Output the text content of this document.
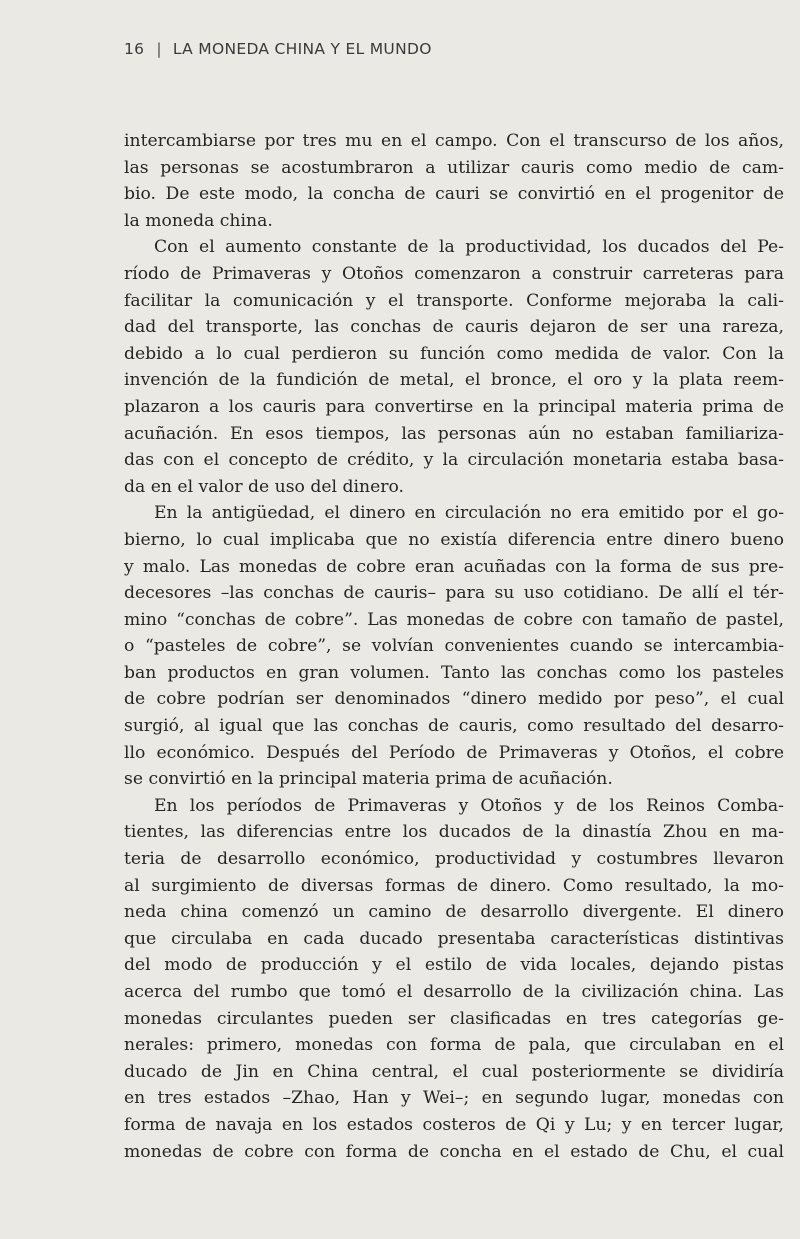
16 | LA MONEDA CHINA Y EL MUNDO
intercambiarse por tres mu en el campo. Con el transcurso de los años,
las personas se acostumbraron a utilizar cauris como medio de cam-
bio. De este modo, la concha de cauri se convirtió en el progenitor de
la moneda china.
Con el aumento constante de la productividad, los ducados del Pe-
ríodo de Primaveras y Otoños comenzaron a construir carreteras para
facilitar la comunicación y el transporte. Conforme mejoraba la cali-
dad del transporte, las conchas de cauris dejaron de ser una rareza,
debido a lo cual perdieron su función como medida de valor. Con la
invención de la fundición de metal, el bronce, el oro y la plata reem-
plazaron a los cauris para convertirse en la principal materia prima de
acuñación. En esos tiempos, las personas aún no estaban familiariza-
das con el concepto de crédito, y la circulación monetaria estaba basa-
da en el valor de uso del dinero.
En la antigüedad, el dinero en circulación no era emitido por el go-
bierno, lo cual implicaba que no existía diferencia entre dinero bueno
y malo. Las monedas de cobre eran acuñadas con la forma de sus pre-
decesores –las conchas de cauris– para su uso cotidiano. De allí el tér-
mino “conchas de cobre”. Las monedas de cobre con tamaño de pastel,
o “pasteles de cobre”, se volvían convenientes cuando se intercambia-
ban productos en gran volumen. Tanto las conchas como los pasteles
de cobre podrían ser denominados “dinero medido por peso”, el cual
surgió, al igual que las conchas de cauris, como resultado del desarro-
llo económico. Después del Período de Primaveras y Otoños, el cobre
se convirtió en la principal materia prima de acuñación.
En los períodos de Primaveras y Otoños y de los Reinos Comba-
tientes, las diferencias entre los ducados de la dinastía Zhou en ma-
teria de desarrollo económico, productividad y costumbres llevaron
al surgimiento de diversas formas de dinero. Como resultado, la mo-
neda china comenzó un camino de desarrollo divergente. El dinero
que circulaba en cada ducado presentaba características distintivas
del modo de producción y el estilo de vida locales, dejando pistas
acerca del rumbo que tomó el desarrollo de la civilización china. Las
monedas circulantes pueden ser clasificadas en tres categorías ge-
nerales: primero, monedas con forma de pala, que circulaban en el
ducado de Jin en China central, el cual posteriormente se dividiría
en tres estados –Zhao, Han y Wei–; en segundo lugar, monedas con
forma de navaja en los estados costeros de Qi y Lu; y en tercer lugar,
monedas de cobre con forma de concha en el estado de Chu, el cual
